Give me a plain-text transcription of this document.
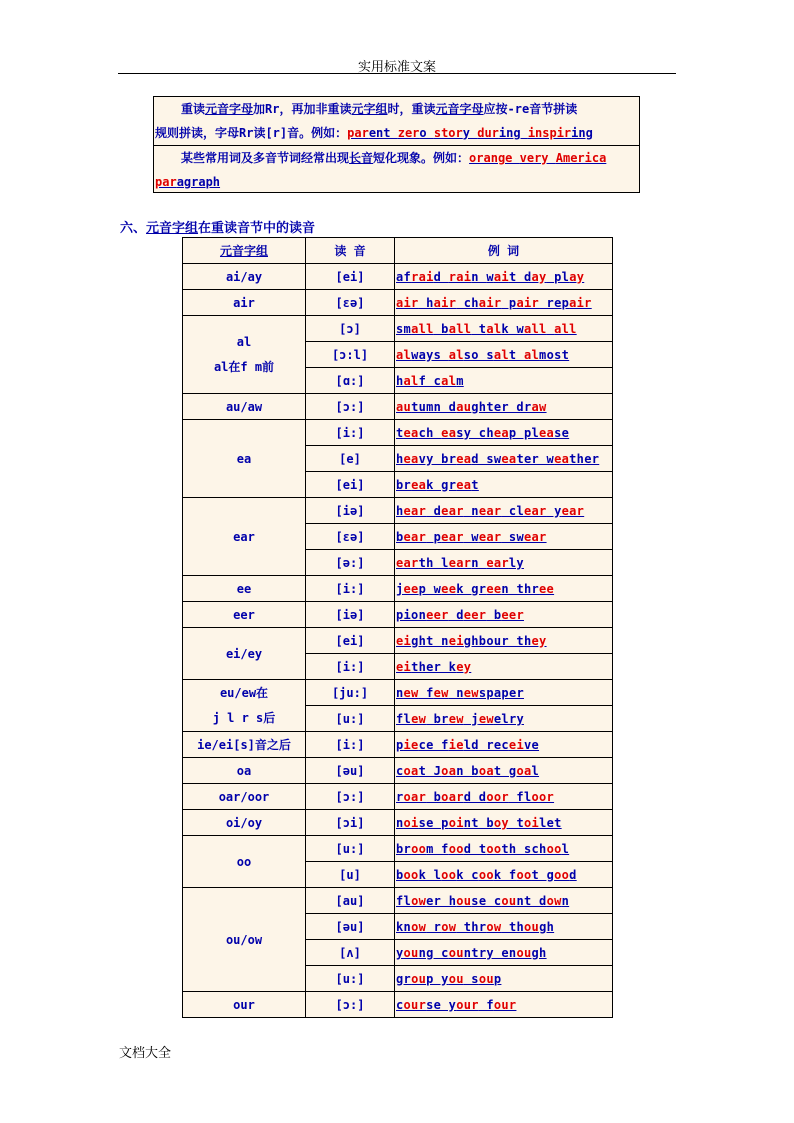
实用标准文案
重读元音字母加Rr，再加非重读元字组时，重读元音字母应按-re音节拼读
规则拼读，字母Rr读[r]音。例如：parent zero story during inspiring
某些常用词及多音节词经常出现长音短化现象。例如：orange very America
paragraph
六、元音字组在重读音节中的读音
元音字组	读 音	例 词

ai/ay	[ei]	afraid rain wait day play

air	[ɛə]	air hair chair pair repair

al
al在f m前	[ɔ]	small ball talk wall all
	[ɔ:l]	always also salt almost
	[ɑ:]	half calm

au/aw	[ɔ:]	autumn daughter draw

ea	[i:]	teach easy cheap please
	[e]	heavy bread sweater weather
	[ei]	break great

ear	[iə]	hear dear near clear year
	[ɛə]	bear pear wear swear
	[ə:]	earth learn early

ee	[i:]	jeep week green three

eer	[iə]	pioneer deer beer

ei/ey	[ei]	eight neighbour they
	[i:]	either key

eu/ew在
j l r s后	[ju:]	new few newspaper
	[u:]	flew brew jewelry

ie/ei[s]音之后	[i:]	piece field receive

oa	[əu]	coat Joan boat goal

oar/oor	[ɔ:]	roar board door floor

oi/oy	[ɔi]	noise point boy toilet

oo	[u:]	broom food tooth school
	[u]	book look cook foot good

ou/ow	[au]	flower house count down
	[əu]	know row throw though
	[ʌ]	young country enough
	[u:]	group you soup

our	[ɔ:]	course your four
文档大全
